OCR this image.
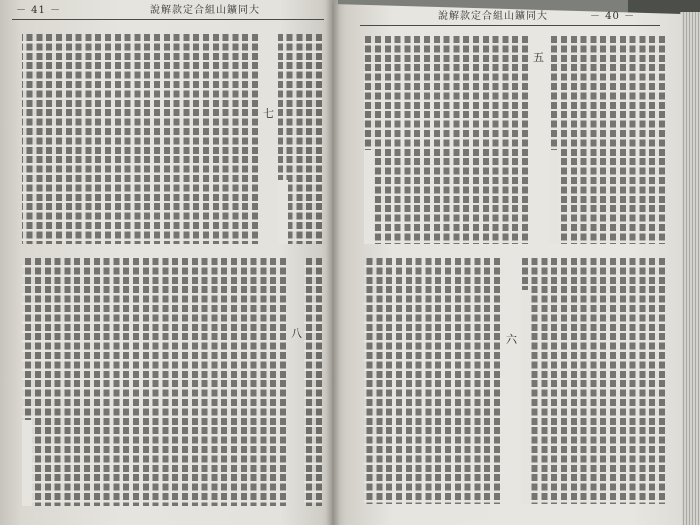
－ 41 －	說解款定合組山鑛同大
說解款定合組山鑛同大	－ 40 －
七
八
五
六
